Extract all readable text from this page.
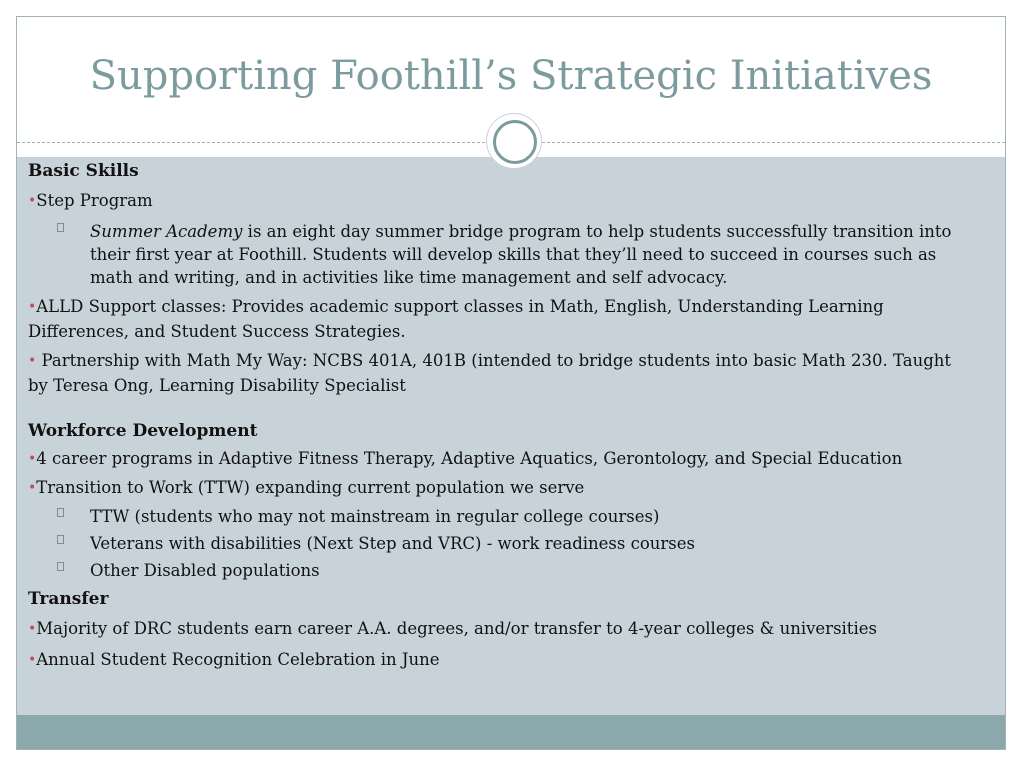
Supporting Foothill’s Strategic Initiatives
Basic Skills
•Step Program
Summer Academy is an eight day summer bridge program to help students successfully transition into their first year at Foothill. Students will develop skills that they’ll need to succeed in courses such as math and writing, and in activities like time management and self advocacy.
•ALLD Support classes: Provides academic support classes in Math, English, Understanding Learning Differences, and Student Success Strategies.
• Partnership with Math My Way: NCBS 401A, 401B (intended to bridge students into basic Math 230. Taught by Teresa Ong, Learning Disability Specialist
Workforce Development
•4 career programs in Adaptive Fitness Therapy, Adaptive Aquatics, Gerontology, and Special Education
•Transition to Work (TTW) expanding current population we serve
TTW (students who may not mainstream in regular college courses)
Veterans with disabilities (Next Step and VRC) - work readiness courses
Other Disabled populations
Transfer
•Majority of DRC students earn career A.A. degrees, and/or transfer to 4-year colleges & universities
•Annual Student Recognition Celebration in June
